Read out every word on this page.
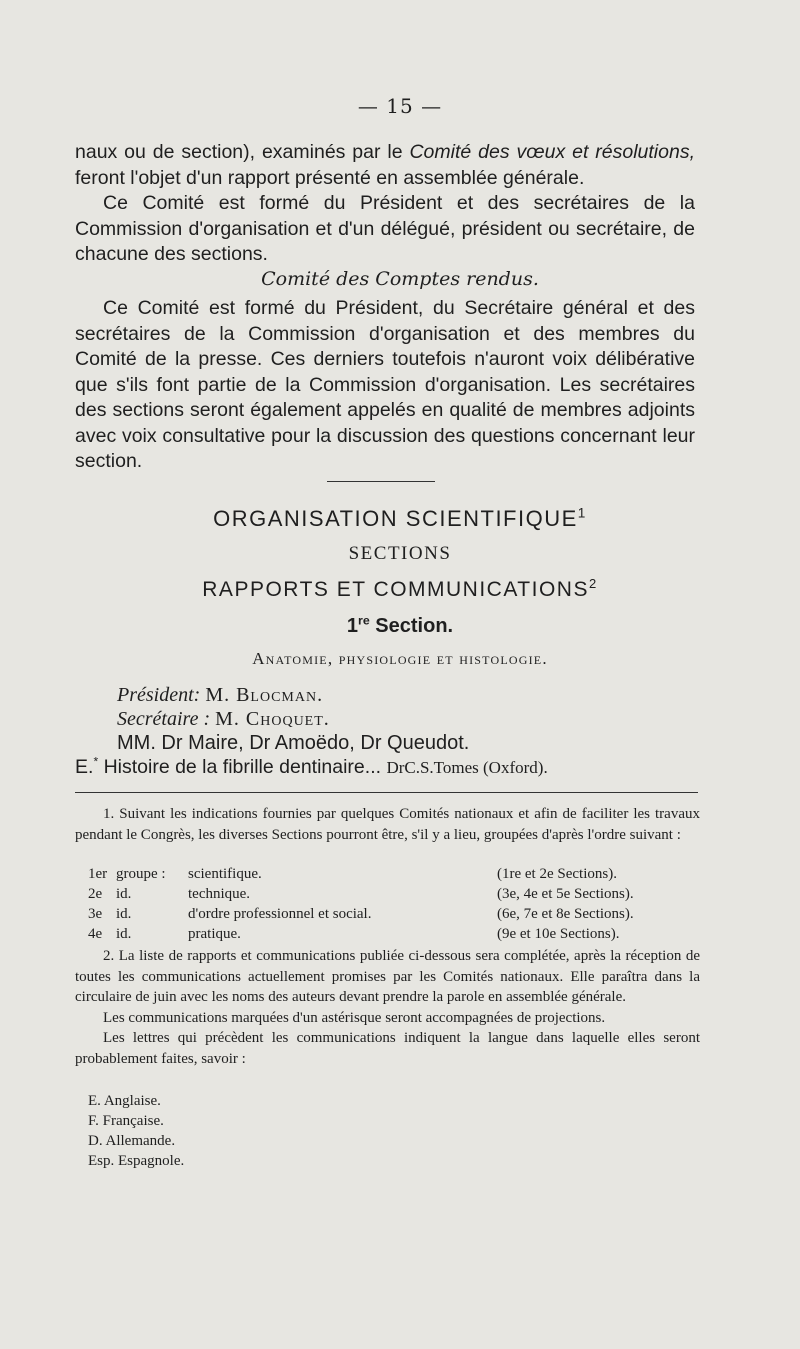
— 15 —

naux ou de section), examinés par le Comité des vœux et résolutions, feront l'objet d'un rapport présenté en assemblée générale.

Ce Comité est formé du Président et des secrétaires de la Commission d'organisation et d'un délégué, président ou secrétaire, de chacune des sections.

Comité des Comptes rendus.

Ce Comité est formé du Président, du Secrétaire général et des secrétaires de la Commission d'organisation et des membres du Comité de la presse. Ces derniers toutefois n'auront voix délibérative que s'ils font partie de la Commission d'organisation. Les secrétaires des sections seront également appelés en qualité de membres adjoints avec voix consultative pour la discussion des questions concernant leur section.

ORGANISATION SCIENTIFIQUE$^1$
SECTIONS
RAPPORTS ET COMMUNICATIONS$^2$
1re Section.
Anatomie, physiologie et histologie.
Président: M. Blocman.
Secrétaire : M. Choquet.
MM. Dr Maire, Dr Amoëdo, Dr Queudot.
E.* Histoire de la fibrille dentinaire... DrC.S.Tomes (Oxford).

1. Suivant les indications fournies par quelques Comités nationaux et afin de faciliter les travaux pendant le Congrès, les diverses Sections pourront être, s'il y a lieu, groupées d'après l'ordre suivant :

1er groupe : scientifique.	(1re et 2e Sections).
2e id.	technique.	(3e, 4e et 5e Sections).
3e id.	d'ordre professionnel et social.	(6e, 7e et 8e Sections).
4e id.	pratique.	(9e et 10e Sections).

2. La liste de rapports et communications publiée ci-dessous sera complétée, après la réception de toutes les communications actuellement promises par les Comités nationaux. Elle paraîtra dans la circulaire de juin avec les noms des auteurs devant prendre la parole en assemblée générale.

Les communications marquées d'un astérisque seront accompagnées de projections.

Les lettres qui précèdent les communications indiquent la langue dans laquelle elles seront probablement faites, savoir :

E. Anglaise.
F. Française.
D. Allemande.
Esp. Espagnole.
